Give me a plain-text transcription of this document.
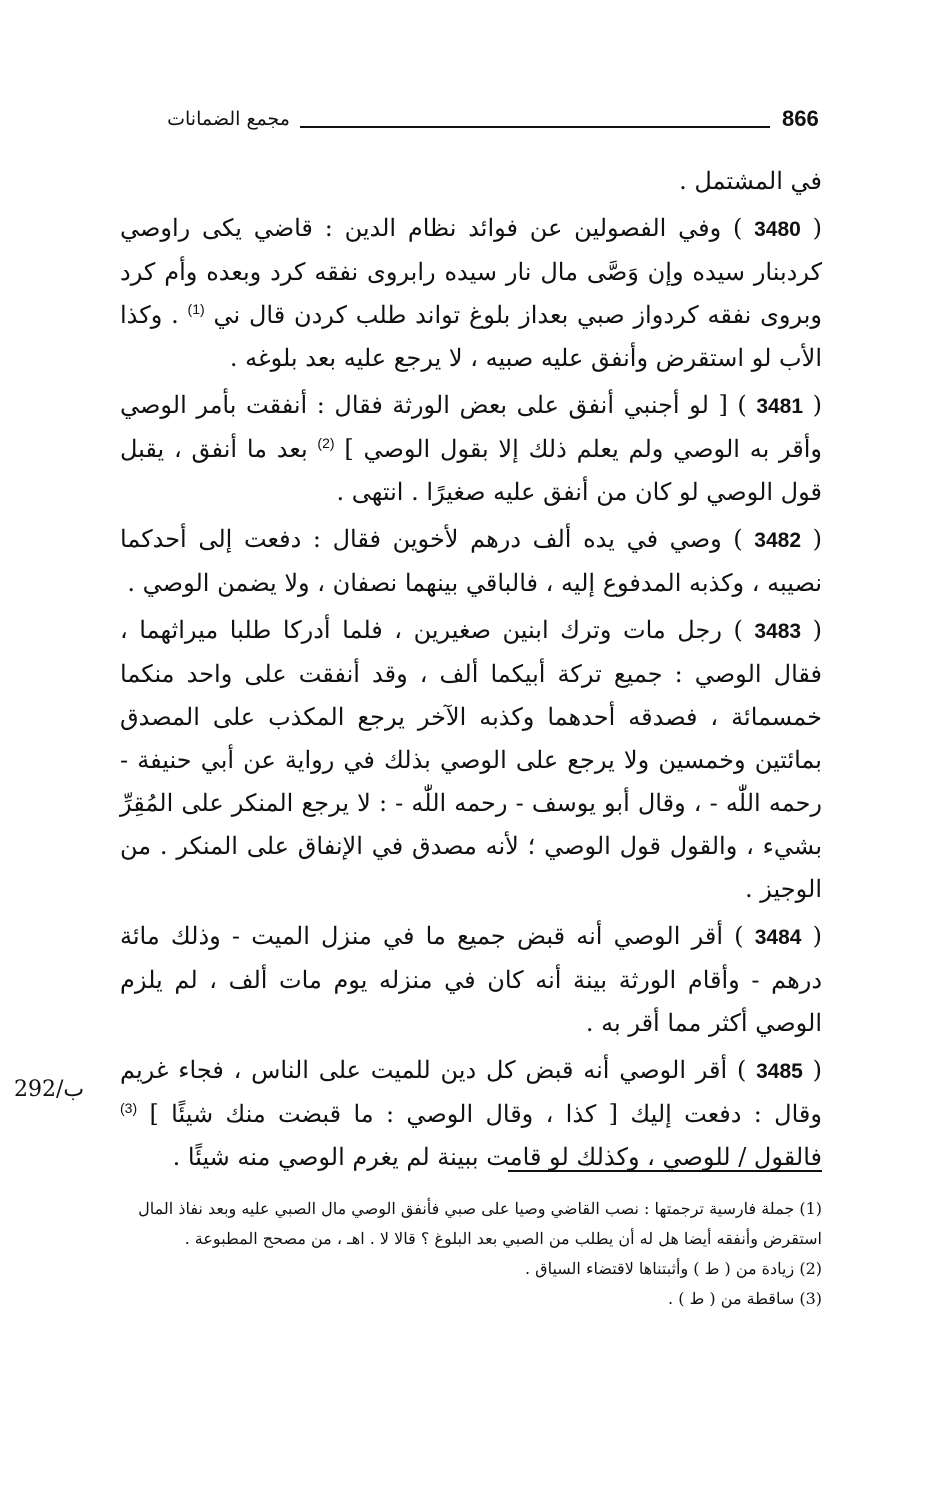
866
مجمع الضمانات

في المشتمل .

( 3480 ) وفي الفصولين عن فوائد نظام الدين : قاضي يكى راوصي كردبنار سيده وإن وَصَّى مال نار سيده رابروى نفقه كرد وبعده وأم كرد وبروى نفقه كردواز صبي بعداز بلوغ تواند طلب كردن قال ني $^{(1)}$ . وكذا الأب لو استقرض وأنفق عليه صبيه ، لا يرجع عليه بعد بلوغه .

( 3481 ) [ لو أجنبي أنفق على بعض الورثة فقال : أنفقت بأمر الوصي وأقر به الوصي ولم يعلم ذلك إلا بقول الوصي ] $^{(2)}$ بعد ما أنفق ، يقبل قول الوصي لو كان من أنفق عليه صغيرًا . انتهى .

( 3482 ) وصي في يده ألف درهم لأخوين فقال : دفعت إلى أحدكما نصيبه ، وكذبه المدفوع إليه ، فالباقي بينهما نصفان ، ولا يضمن الوصي .

( 3483 ) رجل مات وترك ابنين صغيرين ، فلما أدركا طلبا ميراثهما ، فقال الوصي : جميع تركة أبيكما ألف ، وقد أنفقت على واحد منكما خمسمائة ، فصدقه أحدهما وكذبه الآخر يرجع المكذب على المصدق بمائتين وخمسين ولا يرجع على الوصي بذلك في رواية عن أبي حنيفة - رحمه اللّٰه - ، وقال أبو يوسف - رحمه اللّٰه - : لا يرجع المنكر على المُقِرِّ بشيء ، والقول قول الوصي ؛ لأنه مصدق في الإنفاق على المنكر . من الوجيز .

( 3484 ) أقر الوصي أنه قبض جميع ما في منزل الميت - وذلك مائة درهم - وأقام الورثة بينة أنه كان في منزله يوم مات ألف ، لم يلزم الوصي أكثر مما أقر به .

( 3485 ) أقر الوصي أنه قبض كل دين للميت على الناس ، فجاء غريم وقال : دفعت إليك [ كذا ، وقال الوصي : ما قبضت منك شيئًا ] $^{(3)}$ فالقول / للوصي ، وكذلك لو قامت ببينة لم يغرم الوصي منه شيئًا .

292/ب

(1) جملة فارسية ترجمتها : نصب القاضي وصيا على صبي فأنفق الوصي مال الصبي عليه وبعد نفاذ المال استقرض وأنفقه أيضا هل له أن يطلب من الصبي بعد البلوغ ؟ قالا لا . اهـ ، من مصحح المطبوعة .

(2) زيادة من ( ط ) وأثبتناها لاقتضاء السياق .

(3) ساقطة من ( ط ) .
